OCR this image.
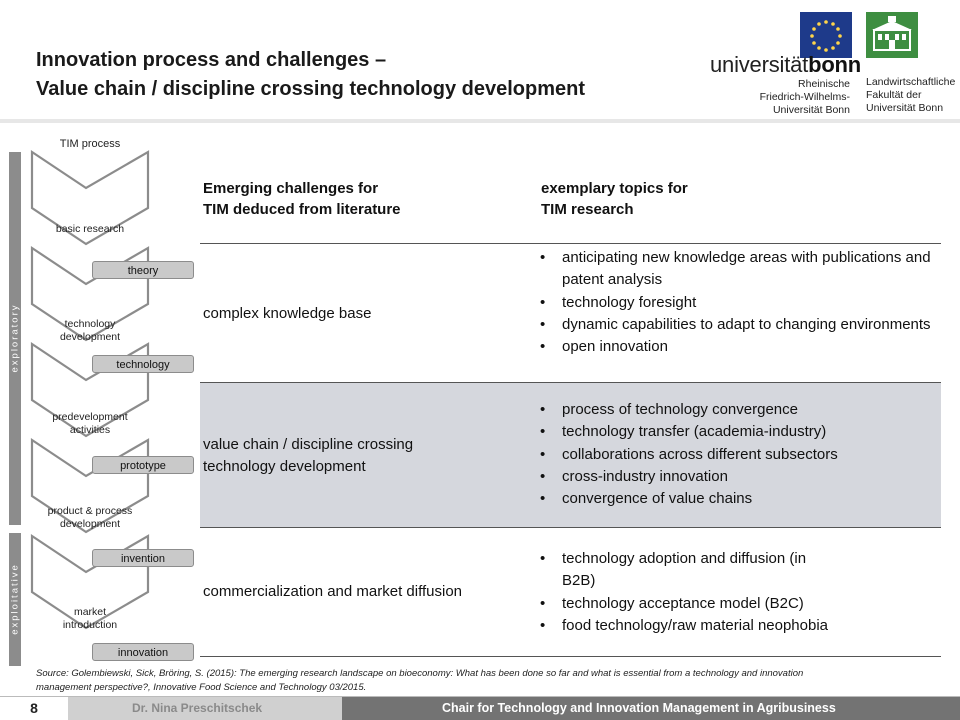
Innovation process and challenges –
Value chain / discipline crossing technology development
universitätbonn
Rheinische
Friedrich-Wilhelms-
Universität Bonn
Landwirtschaftliche
Fakultät der
Universität Bonn
exploratory
exploitative
TIM process
basic research
technology
development
predevelopment
activities
product & process
development
market
introduction
theory
technology
prototype
invention
innovation
Emerging challenges for
TIM deduced from literature
exemplary topics for
TIM research
complex knowledge base
• anticipating new knowledge areas with publications and patent analysis
• technology foresight
• dynamic capabilities to adapt to changing environments
• open innovation
value chain / discipline crossing
technology development
• process of technology convergence
• technology transfer (academia-industry)
• collaborations across different subsectors
• cross-industry innovation
• convergence of value chains
commercialization and market diffusion
• technology adoption and diffusion (in B2B)
• technology acceptance model (B2C)
• food technology/raw material neophobia
Source: Golembiewski, Sick, Bröring, S. (2015): The emerging research landscape on bioeconomy: What has been done so far and what is essential from a technology and innovation
management perspective?, Innovative Food Science and Technology 03/2015.
8	Dr. Nina Preschitschek	Chair for Technology and Innovation Management in Agribusiness
